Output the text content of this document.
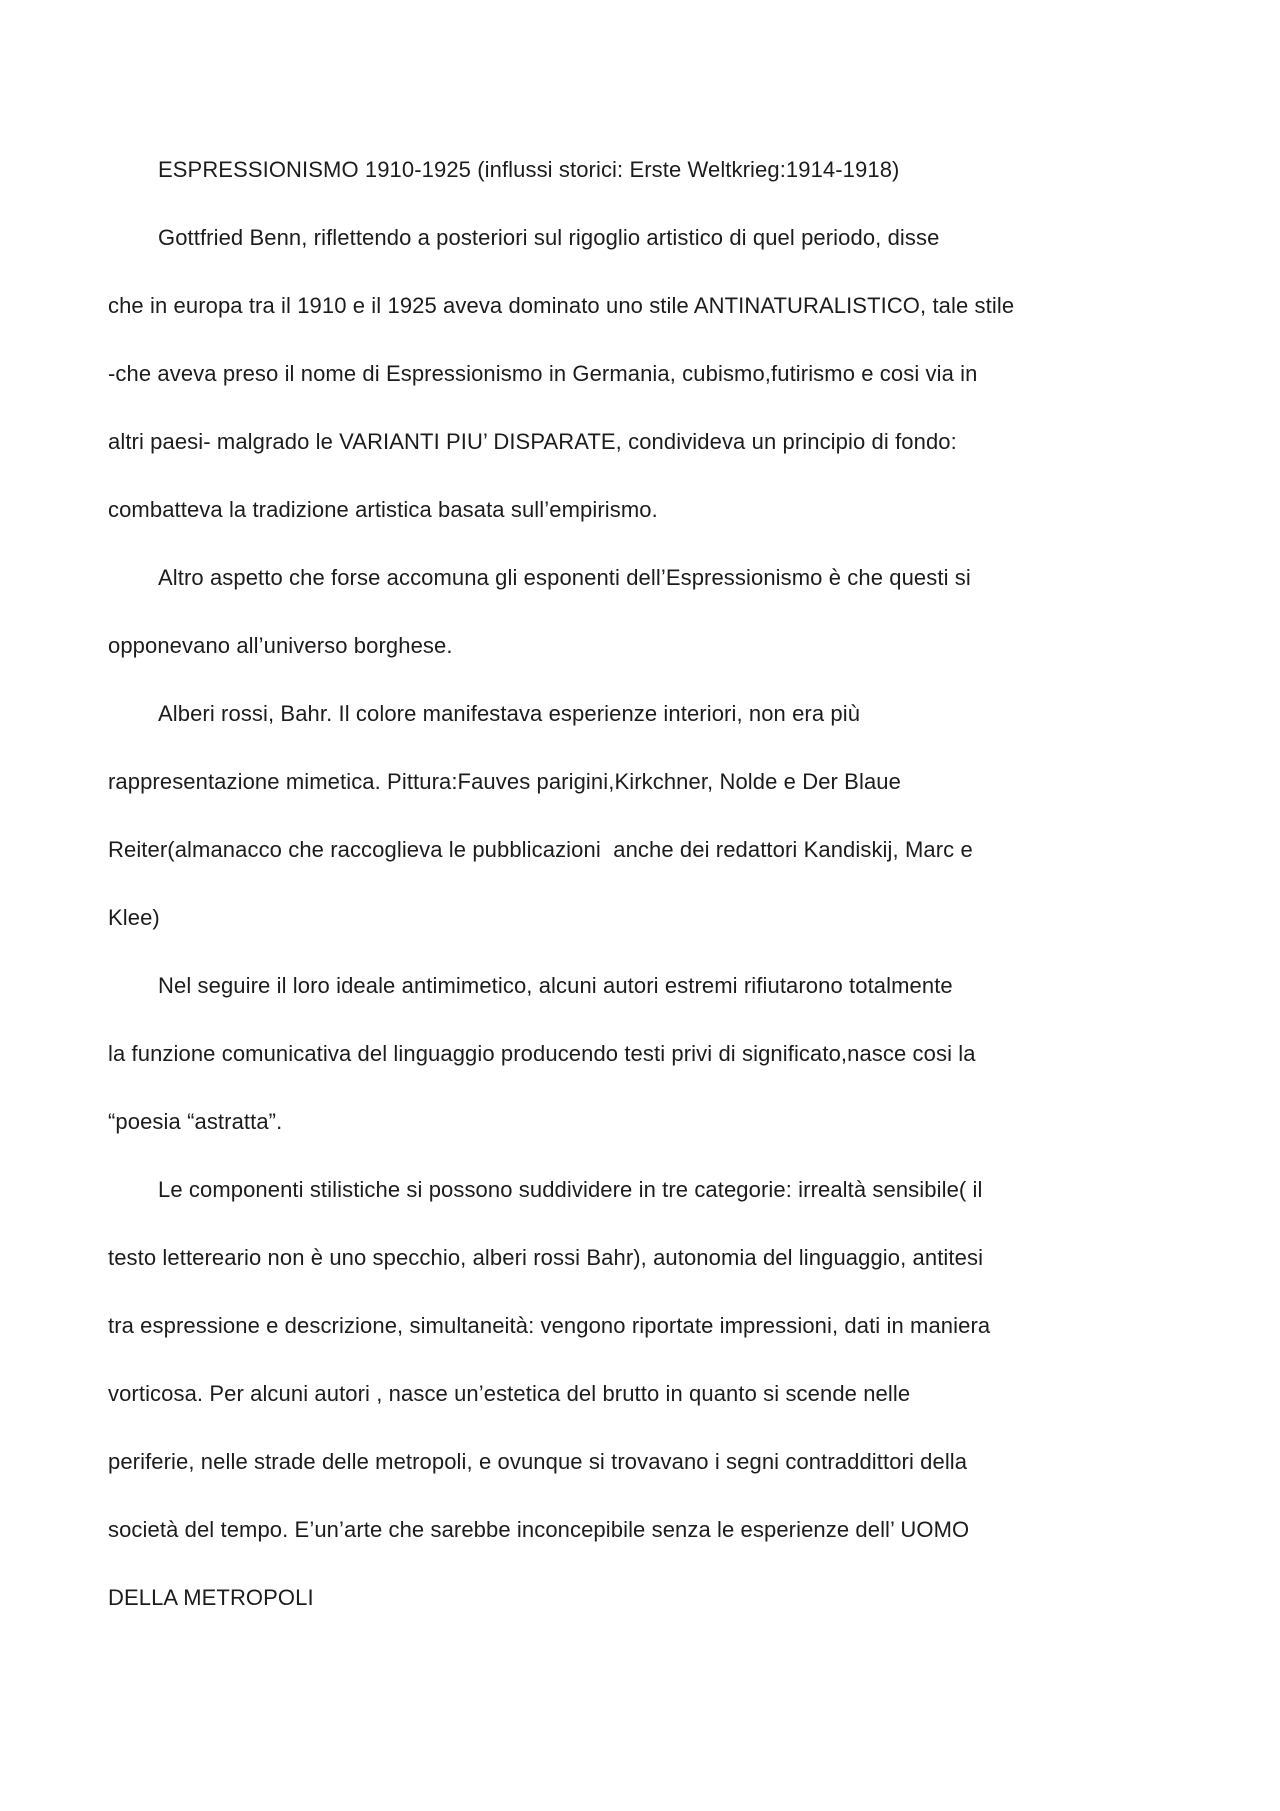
ESPRESSIONISMO 1910-1925 (influssi storici: Erste Weltkrieg:1914-1918)
Gottfried Benn, riflettendo a posteriori sul rigoglio artistico di quel periodo, disse
che in europa tra il 1910 e il 1925 aveva dominato uno stile ANTINATURALISTICO, tale stile
-che aveva preso il nome di Espressionismo in Germania, cubismo,futirismo e cosi via in
altri paesi- malgrado le VARIANTI PIU’ DISPARATE, condivideva un principio di fondo:
combatteva la tradizione artistica basata sull’empirismo.
Altro aspetto che forse accomuna gli esponenti dell’Espressionismo è che questi si
opponevano all’universo borghese.
Alberi rossi, Bahr. Il colore manifestava esperienze interiori, non era più
rappresentazione mimetica. Pittura:Fauves parigini,Kirkchner, Nolde e Der Blaue
Reiter(almanacco che raccoglieva le pubblicazioni  anche dei redattori Kandiskij, Marc e
Klee)
Nel seguire il loro ideale antimimetico, alcuni autori estremi rifiutarono totalmente
la funzione comunicativa del linguaggio producendo testi privi di significato,nasce cosi la
“poesia “astratta”.
Le componenti stilistiche si possono suddividere in tre categorie: irrealtà sensibile( il
testo lettereario non è uno specchio, alberi rossi Bahr), autonomia del linguaggio, antitesi
tra espressione e descrizione, simultaneità: vengono riportate impressioni, dati in maniera
vorticosa. Per alcuni autori , nasce un’estetica del brutto in quanto si scende nelle
periferie, nelle strade delle metropoli, e ovunque si trovavano i segni contraddittori della
società del tempo. E’un’arte che sarebbe inconcepibile senza le esperienze dell’ UOMO
DELLA METROPOLI
